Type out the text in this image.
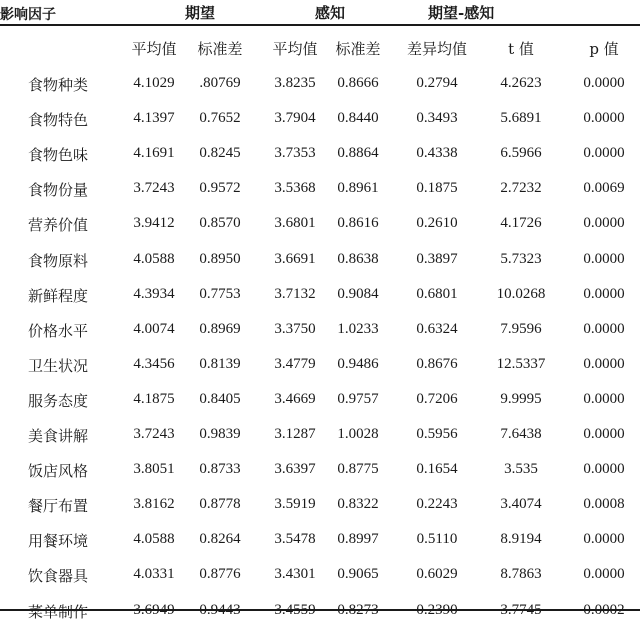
影响因子	期望	感知	期望-感知
平均值 标准差 平均值 标准差 差异均值	t 值	p 值
食物种类	4.1029 .80769 3.8235 0.8666	0.2794	4.2623	0.0000
食物特色	4.1397 0.7652 3.7904 0.8440	0.3493	5.6891	0.0000
食物色味	4.1691 0.8245 3.7353 0.8864	0.4338	6.5966	0.0000
食物份量	3.7243 0.9572 3.5368 0.8961	0.1875	2.7232	0.0069
营养价值	3.9412 0.8570 3.6801 0.8616	0.2610	4.1726	0.0000
食物原料	4.0588 0.8950 3.6691 0.8638	0.3897	5.7323	0.0000
新鲜程度	4.3934 0.7753 3.7132 0.9084	0.6801	10.0268	0.0000
价格水平	4.0074 0.8969 3.3750 1.0233	0.6324	7.9596	0.0000
卫生状况	4.3456 0.8139 3.4779 0.9486	0.8676	12.5337	0.0000
服务态度	4.1875 0.8405 3.4669 0.9757	0.7206	9.9995	0.0000
美食讲解	3.7243 0.9839 3.1287 1.0028	0.5956	7.6438	0.0000
饭店风格	3.8051 0.8733 3.6397 0.8775	0.1654	3.535	0.0000
餐厅布置	3.8162 0.8778 3.5919 0.8322	0.2243	3.4074	0.0008
用餐环境	4.0588 0.8264 3.5478 0.8997	0.5110	8.9194	0.0000
饮食器具	4.0331 0.8776 3.4301 0.9065	0.6029	8.7863	0.0000
菜单制作	3.6949 0.9443 3.4559 0.8273	0.2390	3.7745	0.0002
